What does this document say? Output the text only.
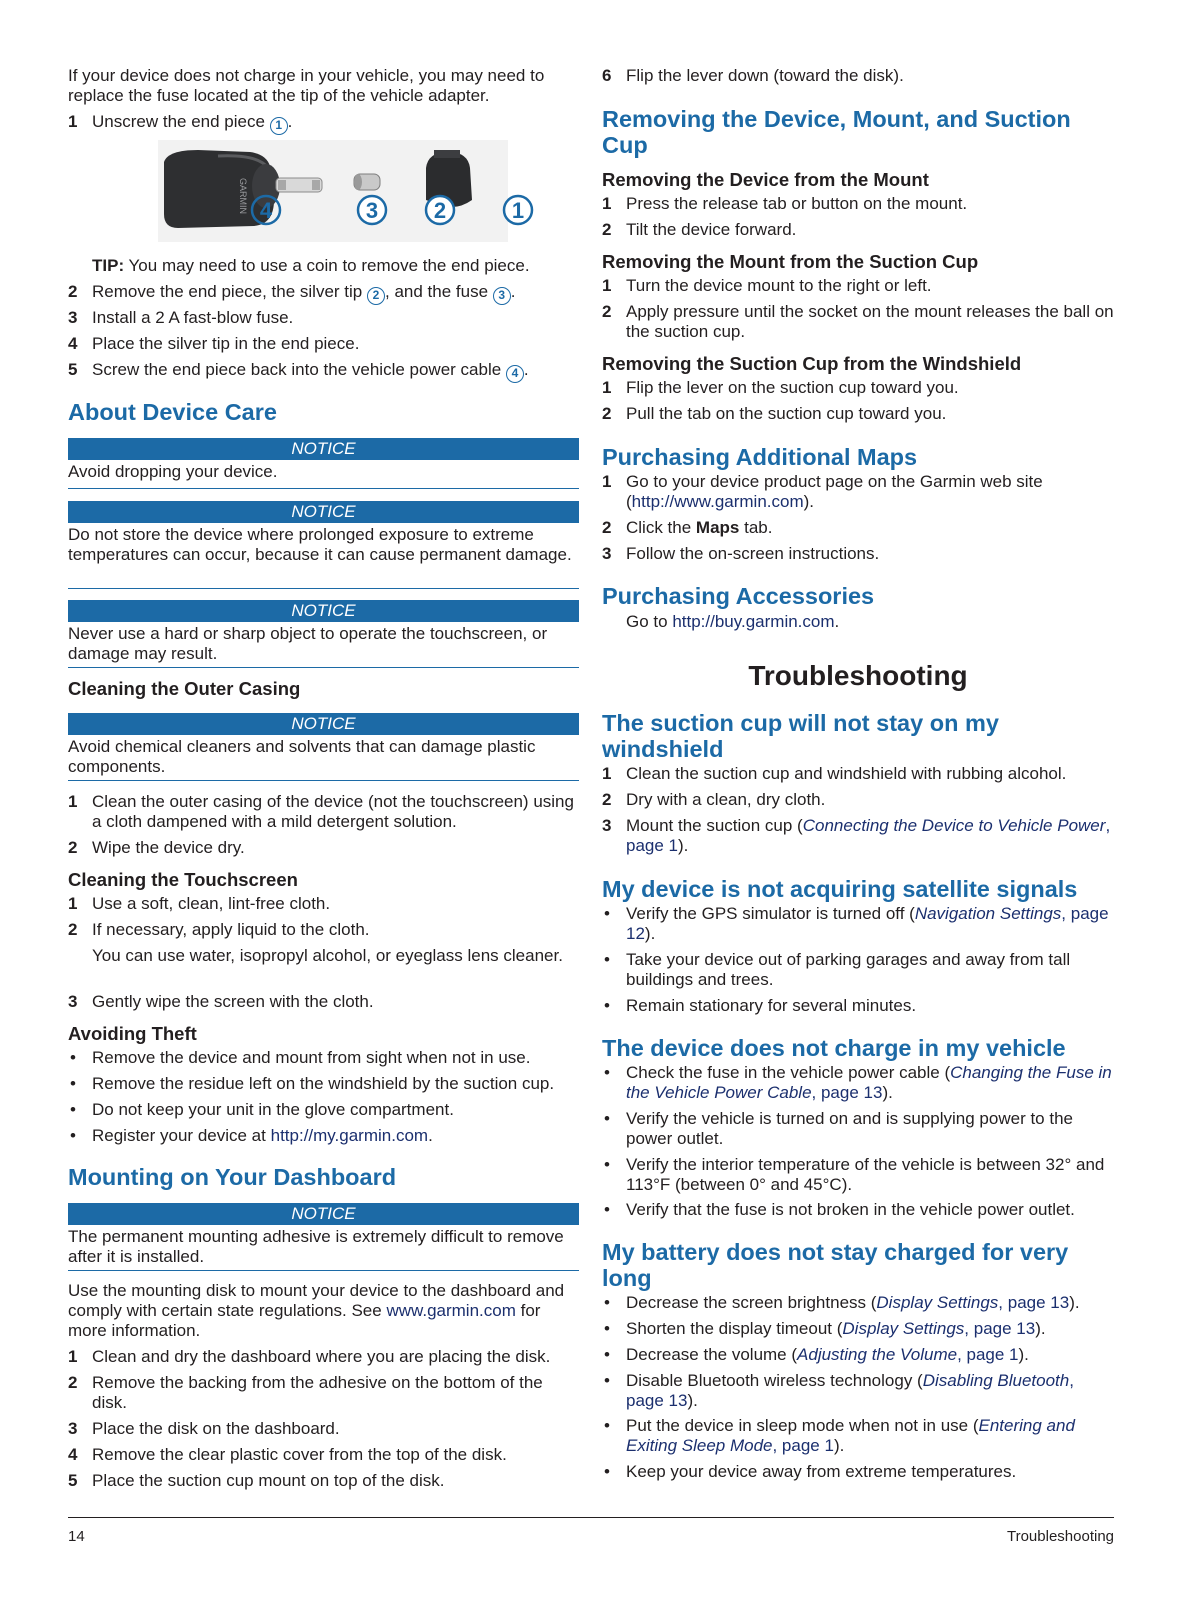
If your device does not charge in your vehicle, you may need to replace the fuse located at the tip of the vehicle adapter.
1 Unscrew the end piece 1 .
GARMIN 4	3	2	1
TIP: You may need to use a coin to remove the end piece.
2 Remove the end piece, the silver tip 2 , and the fuse 3 .
3 Install a 2 A fast-blow fuse.
4 Place the silver tip in the end piece.
5 Screw the end piece back into the vehicle power cable 4 .
About Device Care
NOTICE
Avoid dropping your device.
NOTICE
Do not store the device where prolonged exposure to extreme temperatures can occur, because it can cause permanent damage.
NOTICE
Never use a hard or sharp object to operate the touchscreen, or damage may result.
Cleaning the Outer Casing
NOTICE
Avoid chemical cleaners and solvents that can damage plastic components.
1 Clean the outer casing of the device (not the touchscreen) using a cloth dampened with a mild detergent solution.
2 Wipe the device dry.
Cleaning the Touchscreen
1 Use a soft, clean, lint-free cloth.
2 If necessary, apply liquid to the cloth.
You can use water, isopropyl alcohol, or eyeglass lens cleaner.
3 Gently wipe the screen with the cloth.
Avoiding Theft
• Remove the device and mount from sight when not in use.
• Remove the residue left on the windshield by the suction cup.
• Do not keep your unit in the glove compartment.
• Register your device at http://my.garmin.com.
Mounting on Your Dashboard
NOTICE
The permanent mounting adhesive is extremely difficult to remove after it is installed.
Use the mounting disk to mount your device to the dashboard and comply with certain state regulations. See www.garmin.com for more information.
1 Clean and dry the dashboard where you are placing the disk.
2 Remove the backing from the adhesive on the bottom of the disk.
3 Place the disk on the dashboard.
4 Remove the clear plastic cover from the top of the disk.
5 Place the suction cup mount on top of the disk.
6 Flip the lever down (toward the disk).
Removing the Device, Mount, and Suction Cup
Removing the Device from the Mount
1 Press the release tab or button on the mount.
2 Tilt the device forward.
Removing the Mount from the Suction Cup
1 Turn the device mount to the right or left.
2 Apply pressure until the socket on the mount releases the ball on the suction cup.
Removing the Suction Cup from the Windshield
1 Flip the lever on the suction cup toward you.
2 Pull the tab on the suction cup toward you.
Purchasing Additional Maps
1 Go to your device product page on the Garmin web site (http://www.garmin.com).
2 Click the Maps tab.
3 Follow the on-screen instructions.
Purchasing Accessories
Go to http://buy.garmin.com.
Troubleshooting
The suction cup will not stay on my windshield
1 Clean the suction cup and windshield with rubbing alcohol.
2 Dry with a clean, dry cloth.
3 Mount the suction cup (Connecting the Device to Vehicle Power, page 1).
My device is not acquiring satellite signals
• Verify the GPS simulator is turned off (Navigation Settings, page 12).
• Take your device out of parking garages and away from tall buildings and trees.
• Remain stationary for several minutes.
The device does not charge in my vehicle
• Check the fuse in the vehicle power cable (Changing the Fuse in the Vehicle Power Cable, page 13).
• Verify the vehicle is turned on and is supplying power to the power outlet.
• Verify the interior temperature of the vehicle is between 32° and 113°F (between 0° and 45°C).
• Verify that the fuse is not broken in the vehicle power outlet.
My battery does not stay charged for very long
• Decrease the screen brightness (Display Settings, page 13).
• Shorten the display timeout (Display Settings, page 13).
• Decrease the volume (Adjusting the Volume, page 1).
• Disable Bluetooth wireless technology (Disabling Bluetooth, page 13).
• Put the device in sleep mode when not in use (Entering and Exiting Sleep Mode, page 1).
• Keep your device away from extreme temperatures.
14	Troubleshooting
